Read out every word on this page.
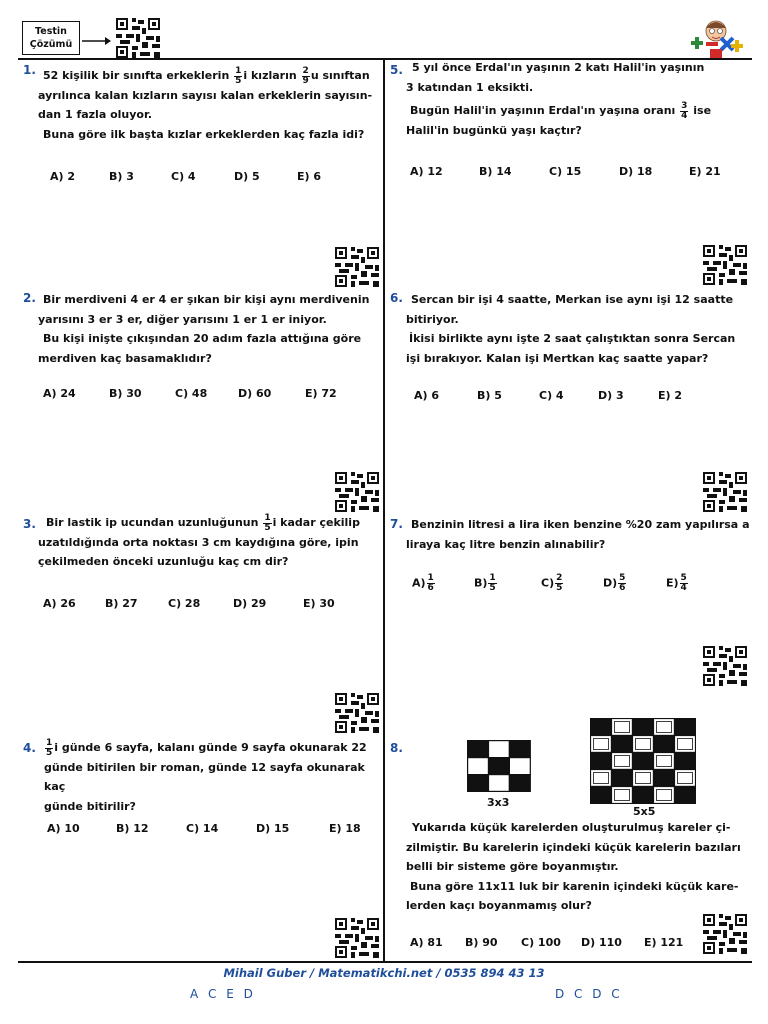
Testin
Çözümü
1. 52 kişilik bir sınıfta erkeklerin $\frac{1}{5}$ i kızların $\frac{2}{9}$ u sınıftan
ayrılınca kalan kızların sayısı kalan erkeklerin sayısın-
dan 1 fazla oluyor.
Buna göre ilk başta kızlar erkeklerden kaç fazla idi?
A) 2	B) 3	C) 4	D) 5	E) 6
2. Bir merdiveni 4 er 4 er şıkan bir kişi aynı merdivenin
yarısını 3 er 3 er, diğer yarısını 1 er 1 er iniyor.
Bu kişi inişte çıkışından 20 adım fazla attığına göre
merdiven kaç basamaklıdır?
A) 24	B) 30	C) 48	D) 60	E) 72
3. Bir lastik ip ucundan uzunluğunun $\frac{1}{5}$ i kadar çekilip
uzatıldığında orta noktası 3 cm kaydığına göre, ipin
çekilmeden önceki uzunluğu kaç cm dir?
A) 26	B) 27	C) 28	D) 29	E) 30
4. $\frac{1}{5}$ i günde 6 sayfa, kalanı günde 9 sayfa okunarak 22
günde bitirilen bir roman, günde 12 sayfa okunarak kaç
günde bitirilir?
A) 10	B) 12	C) 14	D) 15	E) 18
5. 5 yıl önce Erdal'ın yaşının 2 katı Halil'in yaşının
3 katından 1 eksikti.
Bugün Halil'in yaşının Erdal'ın yaşına oranı $\frac{3}{4}$ ise
Halil'in bugünkü yaşı kaçtır?
A) 12	B) 14	C) 15	D) 18	E) 21
6. Sercan bir işi 4 saatte, Merkan ise aynı işi 12 saatte
bitiriyor.
İkisi birlikte aynı işte 2 saat çalıştıktan sonra Sercan
işi bırakıyor. Kalan işi Mertkan kaç saatte yapar?
A) 6	B) 5	C) 4	D) 3	E) 2
7. Benzinin litresi a lira iken benzine %20 zam yapılırsa a
liraya kaç litre benzin alınabilir?
$A) \frac{1}{6}$	$B) \frac{1}{5}$	$C) \frac{2}{5}$	$D) \frac{5}{6}$	$E) \frac{5}{4}$
8.
3x3
5x5
Yukarıda küçük karelerden oluşturulmuş kareler çi-
zilmiştir. Bu karelerin içindeki küçük karelerin bazıları
belli bir sisteme göre boyanmıştır.
Buna göre 11x11 luk bir karenin içindeki küçük kare-
lerden kaçı boyanmamış olur?
A) 81	B) 90	C) 100	D) 110	E) 121
Mihail Guber / Matematikchi.net / 0535 894 43 13
A C E D	D C D C
